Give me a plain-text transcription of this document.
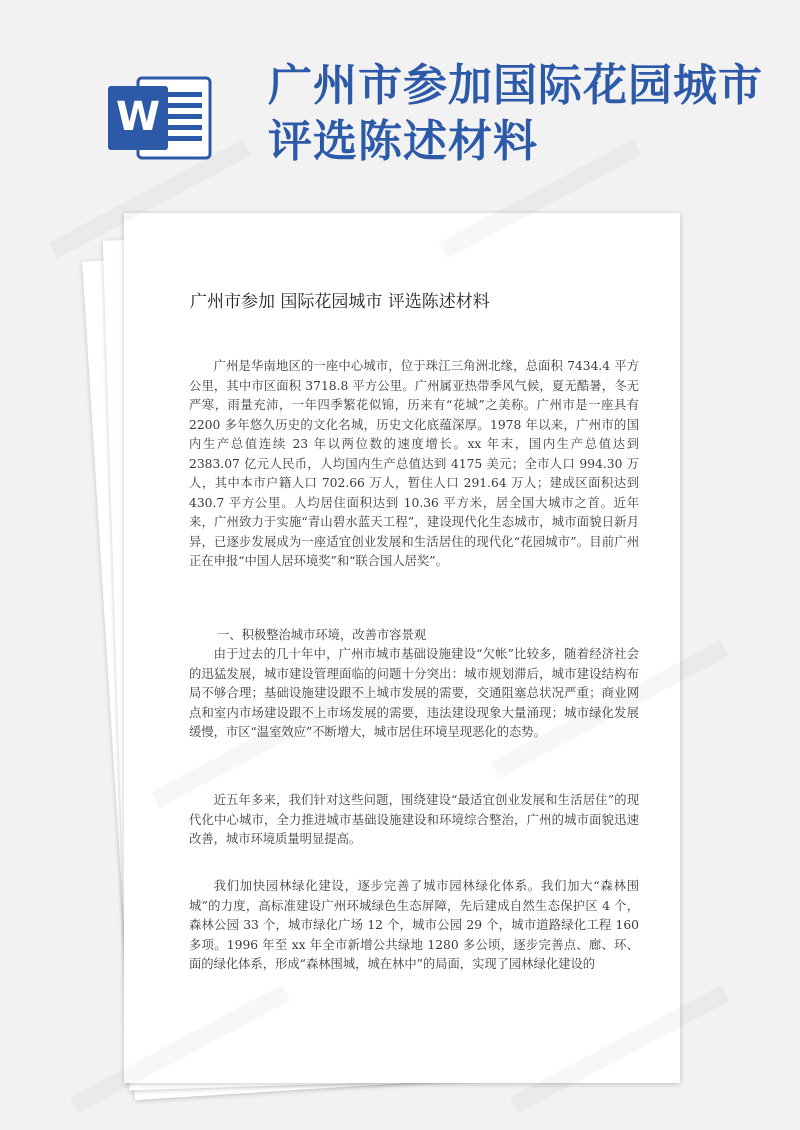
W
广州市参加国际花园城市评选陈述材料
广州市参加 国际花园城市 评选陈述材料

广州是华南地区的一座中心城市，位于珠江三角洲北缘，总面积 7434.4 平方公里，其中市区面积 3718.8 平方公里。广州属亚热带季风气候，夏无酷暑，冬无严寒，雨量充沛，一年四季繁花似锦，历来有“花城”之美称。广州市是一座具有 2200 多年悠久历史的文化名城，历史文化底蕴深厚。1978 年以来，广州市的国内生产总值连续 23 年以两位数的速度增长。xx 年末，国内生产总值达到 2383.07 亿元人民币，人均国内生产总值达到 4175 美元；全市人口 994.30 万人，其中本市户籍人口 702.66 万人，暂住人口 291.64 万人；建成区面积达到 430.7 平方公里。人均居住面积达到 10.36 平方米，居全国大城市之首。近年来，广州致力于实施“青山碧水蓝天工程”，建设现代化生态城市，城市面貌日新月异，已逐步发展成为一座适宜创业发展和生活居住的现代化“花园城市”。目前广州正在申报“中国人居环境奖”和“联合国人居奖”。

一、积极整治城市环境，改善市容景观

由于过去的几十年中，广州市城市基础设施建设“欠帐”比较多，随着经济社会的迅猛发展，城市建设管理面临的问题十分突出：城市规划滞后，城市建设结构布局不够合理；基础设施建设跟不上城市发展的需要，交通阻塞总状况严重；商业网点和室内市场建设跟不上市场发展的需要，违法建设现象大量涌现；城市绿化发展缓慢，市区“温室效应”不断增大，城市居住环境呈现恶化的态势。

近五年多来，我们针对这些问题，围绕建设“最适宜创业发展和生活居住”的现代化中心城市，全力推进城市基础设施建设和环境综合整治，广州的城市面貌迅速改善，城市环境质量明显提高。

我们加快园林绿化建设，逐步完善了城市园林绿化体系。我们加大“森林围城”的力度，高标准建设广州环城绿色生态屏障，先后建成自然生态保护区 4 个，森林公园 33 个，城市绿化广场 12 个，城市公园 29 个，城市道路绿化工程 160 多项。1996 年至 xx 年全市新增公共绿地 1280 多公顷，逐步完善点、廊、环、面的绿化体系，形成“森林围城，城在林中”的局面，实现了园林绿化建设的
